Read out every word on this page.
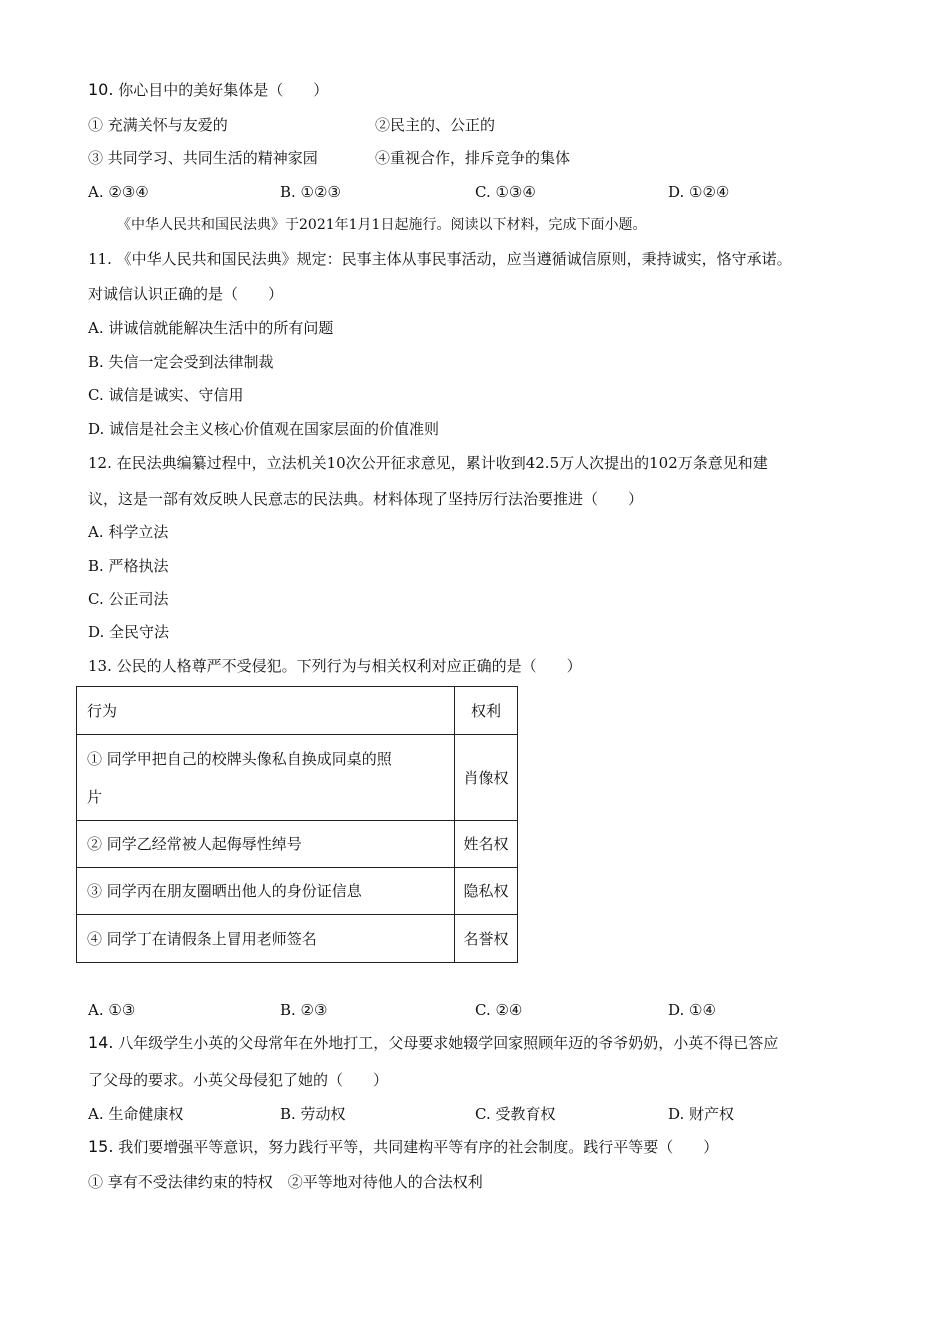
10. 你心目中的美好集体是（　　）
① 充满关怀与友爱的	②民主的、公正的
③ 共同学习、共同生活的精神家园	④重视合作，排斥竞争的集体
A. ②③④	B. ①②③	C. ①③④	D. ①②④
《中华人民共和国民法典》于2021年1月1日起施行。阅读以下材料，完成下面小题。
11. 《中华人民共和国民法典》规定：民事主体从事民事活动，应当遵循诚信原则，秉持诚实，恪守承诺。
对诚信认识正确的是（　　）
A. 讲诚信就能解决生活中的所有问题
B. 失信一定会受到法律制裁
C. 诚信是诚实、守信用
D. 诚信是社会主义核心价值观在国家层面的价值准则
12. 在民法典编纂过程中，立法机关10次公开征求意见，累计收到42.5万人次提出的102万条意见和建
议，这是一部有效反映人民意志的民法典。材料体现了坚持厉行法治要推进（　　）
A. 科学立法
B. 严格执法
C. 公正司法
D. 全民守法
13. 公民的人格尊严不受侵犯。下列行为与相关权利对应正确的是（　　）
行为	权利

① 同学甲把自己的校牌头像私自换成同桌的照
片	肖像权
② 同学乙经常被人起侮辱性绰号	姓名权
③ 同学丙在朋友圈晒出他人的身份证信息	隐私权
④ 同学丁在请假条上冒用老师签名	名誉权
A. ①③	B. ②③	C. ②④	D. ①④
14. 八年级学生小英的父母常年在外地打工，父母要求她辍学回家照顾年迈的爷爷奶奶，小英不得已答应
了父母的要求。小英父母侵犯了她的（　　）
A. 生命健康权	B. 劳动权	C. 受教育权	D. 财产权
15. 我们要增强平等意识，努力践行平等，共同建构平等有序的社会制度。践行平等要（　　）
① 享有不受法律约束的特权　②平等地对待他人的合法权利
